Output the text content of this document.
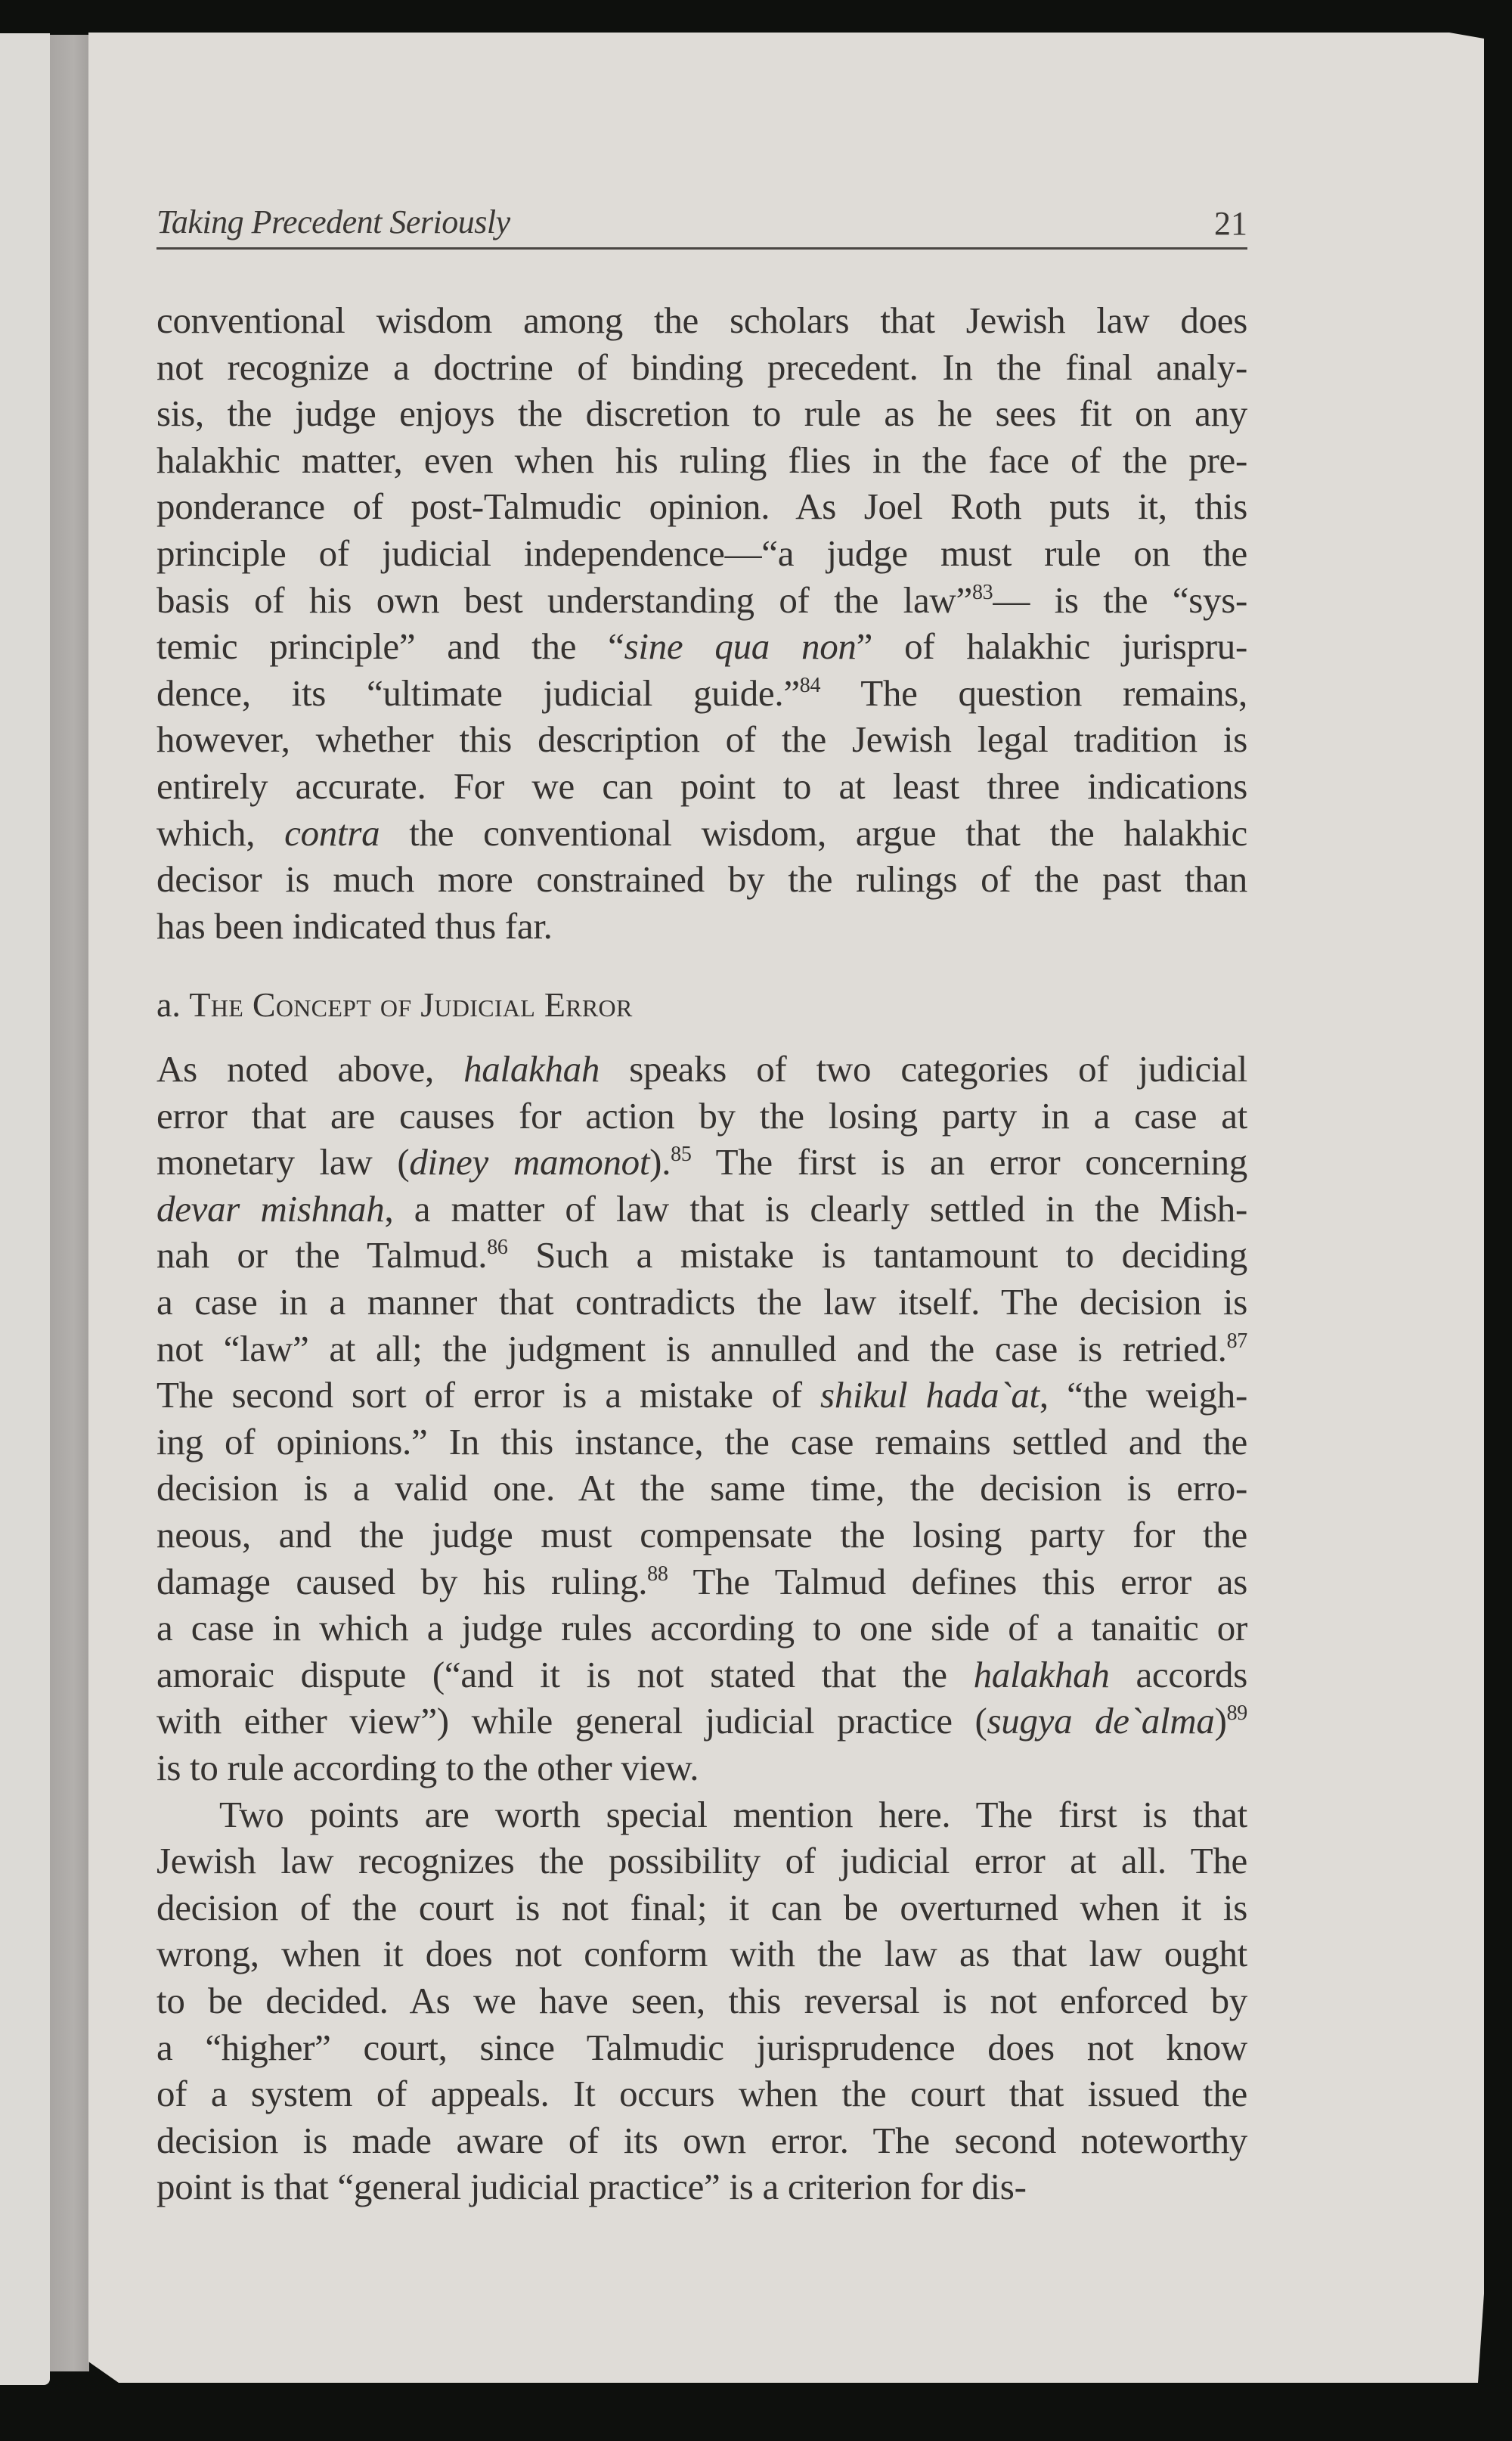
Taking Precedent Seriously	21
conventional wisdom among the scholars that Jewish law does
not recognize a doctrine of binding precedent. In the final analy-
sis, the judge enjoys the discretion to rule as he sees fit on any
halakhic matter, even when his ruling flies in the face of the pre-
ponderance of post-Talmudic opinion. As Joel Roth puts it, this
principle of judicial independence—“a judge must rule on the
basis of his own best understanding of the law”$^{83}$— is the “sys-
temic principle” and the “sine qua non” of halakhic jurispru-
dence, its “ultimate judicial guide.”$^{84}$ The question remains,
however, whether this description of the Jewish legal tradition is
entirely accurate. For we can point to at least three indications
which, contra the conventional wisdom, argue that the halakhic
decisor is much more constrained by the rulings of the past than
has been indicated thus far.
As noted above, halakhah speaks of two categories of judicial
error that are causes for action by the losing party in a case at
monetary law (diney mamonot).$^{85}$ The first is an error concerning
devar mishnah, a matter of law that is clearly settled in the Mish-
nah or the Talmud.$^{86}$ Such a mistake is tantamount to deciding
a case in a manner that contradicts the law itself. The decision is
not “law” at all; the judgment is annulled and the case is retried.$^{87}$
The second sort of error is a mistake of shikul hada`at, “the weigh-
ing of opinions.” In this instance, the case remains settled and the
decision is a valid one. At the same time, the decision is erro-
neous, and the judge must compensate the losing party for the
damage caused by his ruling.$^{88}$ The Talmud defines this error as
a case in which a judge rules according to one side of a tanaitic or
amoraic dispute (“and it is not stated that the halakhah accords
with either view”) while general judicial practice (sugya de`alma)$^{89}$
is to rule according to the other view.
Two points are worth special mention here. The first is that
Jewish law recognizes the possibility of judicial error at all. The
decision of the court is not final; it can be overturned when it is
wrong, when it does not conform with the law as that law ought
to be decided. As we have seen, this reversal is not enforced by
a “higher” court, since Talmudic jurisprudence does not know
of a system of appeals. It occurs when the court that issued the
decision is made aware of its own error. The second noteworthy
point is that “general judicial practice” is a criterion for dis-
a. The Concept of Judicial Error
